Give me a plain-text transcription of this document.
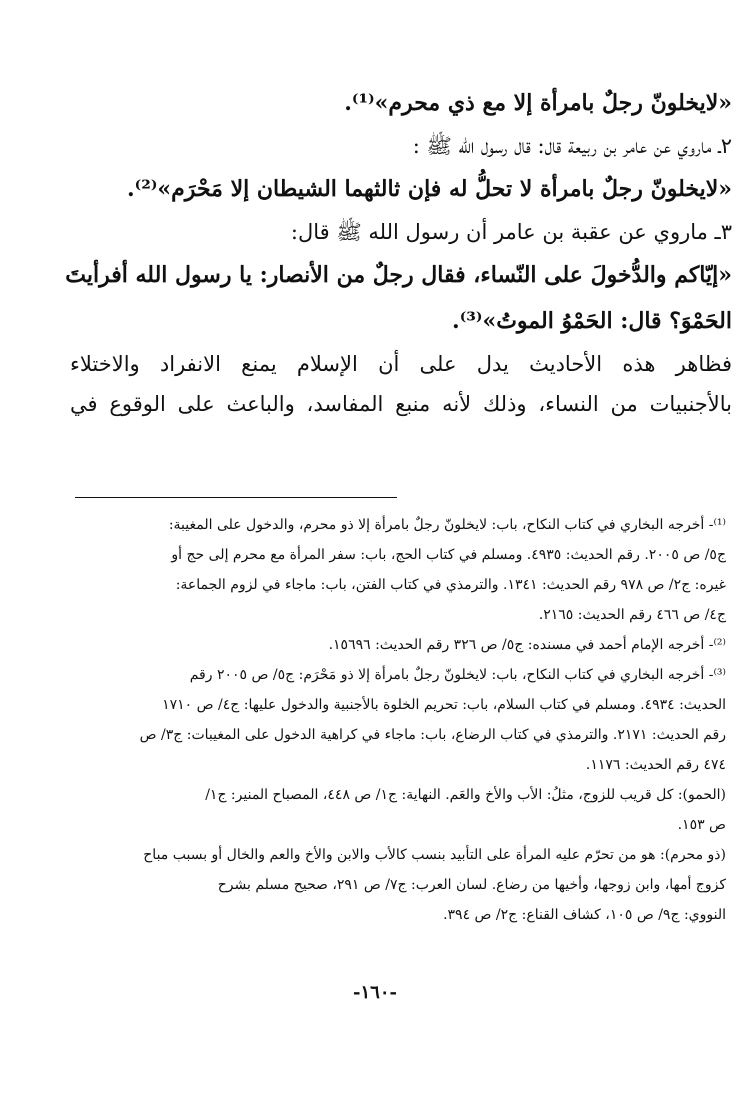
«لايخلونّ رجلٌ بامرأة إلا مع ذي محرم»⁽¹⁾.

٢ـ ماروي عن عامر بن ربيعة قال: قال رسول الله ﷺ :

«لايخلونّ رجلٌ بامرأة لا تحلُّ له فإن ثالثهما الشيطان إلا مَحْرَم»⁽²⁾.

٣ـ ماروي عن عقبة بن عامر أن رسول الله ﷺ قال:

«إيّاكم والدُّخولَ على النّساء، فقال رجلٌ من الأنصار: يا رسول الله أفرأيتَ

الحَمْوَ؟ قال: الحَمْوُ الموتُ»⁽³⁾.

فظاهر هذه الأحاديث يدل على أن الإسلام يمنع الانفراد والاختلاء

بالأجنبيات من النساء، وذلك لأنه منبع المفاسد، والباعث على الوقوع في

⁽¹⁾- أخرجه البخاري في كتاب النكاح، باب: لايخلونّ رجلٌ بامرأة إلا ذو محرم، والدخول على المغيبة:

ج٥/ ص ٢٠٠٥. رقم الحديث: ٤٩٣٥. ومسلم في كتاب الحج، باب: سفر المرأة مع محرم إلى حج أو

غيره: ج٢/ ص ٩٧٨ رقم الحديث: ١٣٤١. والترمذي في كتاب الفتن، باب: ماجاء في لزوم الجماعة:

ج٤/ ص ٤٦٦ رقم الحديث: ٢١٦٥.

⁽²⁾- أخرجه الإمام أحمد في مسنده: ج٥/ ص ٣٢٦ رقم الحديث: ١٥٦٩٦.

⁽³⁾- أخرجه البخاري في كتاب النكاح، باب: لايخلونّ رجلٌ بامرأة إلا ذو مَحْرَم: ج٥/ ص ٢٠٠٥ رقم

الحديث: ٤٩٣٤. ومسلم في كتاب السلام، باب: تحريم الخلوة بالأجنبية والدخول عليها: ج٤/ ص ١٧١٠

رقم الحديث: ٢١٧١. والترمذي في كتاب الرضاع، باب: ماجاء في كراهية الدخول على المغيبات: ج٣/ ص

٤٧٤ رقم الحديث: ١١٧٦.

(الحمو): كل قريب للزوج، مثلُ: الأب والأخ والعَم. النهاية: ج١/ ص ٤٤٨، المصباح المنير: ج١/

ص ١٥٣.

(ذو محرم): هو من تحرّم عليه المرأة على التأبيد بنسب كالأب والابن والأخ والعم والخال أو بسبب مباح

كزوج أمها، وابن زوجها، وأخيها من رضاع. لسان العرب: ج٧/ ص ٢٩١، صحيح مسلم بشرح

النووي: ج٩/ ص ١٠٥، كشاف القناع: ج٢/ ص ٣٩٤.

-١٦٠-
